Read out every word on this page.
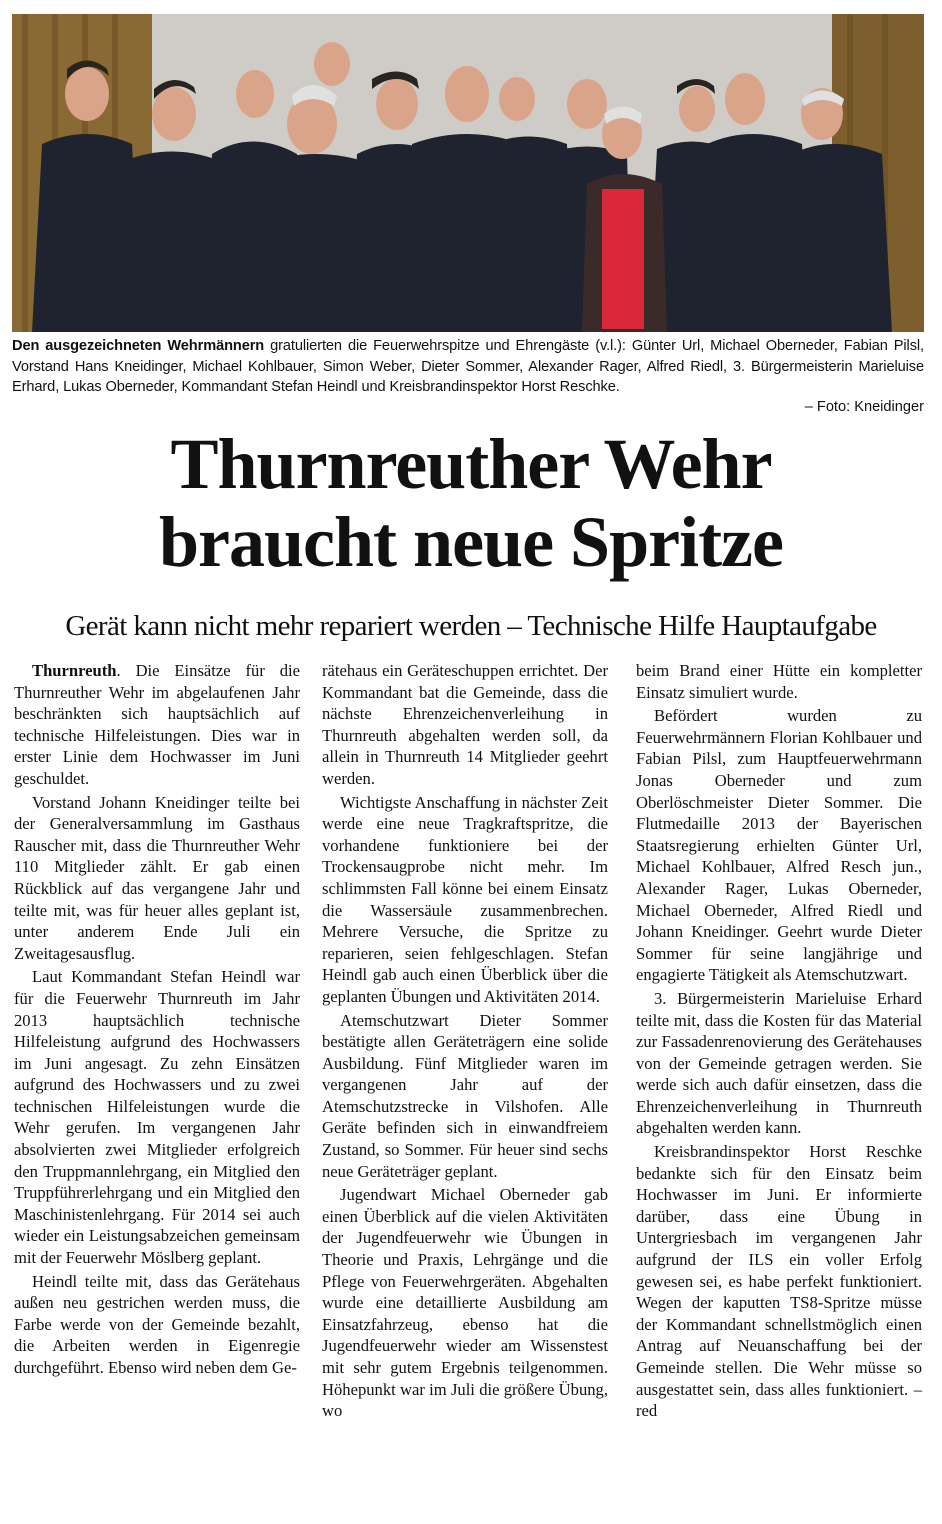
Den ausgezeichneten Wehrmännern gratulierten die Feuerwehrspitze und Ehrengäste (v.l.): Günter Url, Michael Oberneder, Fabian Pilsl, Vorstand Hans Kneidinger, Michael Kohlbauer, Simon Weber, Dieter Sommer, Alexander Rager, Alfred Riedl, 3. Bürgermeisterin Marieluise Erhard, Lukas Oberneder, Kommandant Stefan Heindl und Kreisbrandinspektor Horst Reschke.
– Foto: Kneidinger
Thurnreuther Wehr
braucht neue Spritze
Gerät kann nicht mehr repariert werden – Technische Hilfe Hauptaufgabe

Thurnreuth. Die Einsätze für die Thurnreuther Wehr im abgelaufenen Jahr beschränkten sich hauptsächlich auf technische Hilfeleistungen. Dies war in erster Linie dem Hochwasser im Juni geschuldet.

Vorstand Johann Kneidinger teilte bei der Generalversammlung im Gasthaus Rauscher mit, dass die Thurnreuther Wehr 110 Mitglieder zählt. Er gab einen Rückblick auf das vergangene Jahr und teilte mit, was für heuer alles geplant ist, unter anderem Ende Juli ein Zweitagesausflug.

Laut Kommandant Stefan Heindl war für die Feuerwehr Thurnreuth im Jahr 2013 hauptsächlich technische Hilfeleistung aufgrund des Hochwassers im Juni angesagt. Zu zehn Einsätzen aufgrund des Hochwassers und zu zwei technischen Hilfeleistungen wurde die Wehr gerufen. Im vergangenen Jahr absolvierten zwei Mitglieder erfolgreich den Truppmannlehrgang, ein Mitglied den Truppführerlehrgang und ein Mitglied den Maschinistenlehrgang. Für 2014 sei auch wieder ein Leistungsabzeichen gemeinsam mit der Feuerwehr Möslberg geplant.

Heindl teilte mit, dass das Gerätehaus außen neu gestrichen werden muss, die Farbe werde von der Gemeinde bezahlt, die Arbeiten werden in Eigenregie durchgeführt. Ebenso wird neben dem Ge-

rätehaus ein Geräteschuppen errichtet. Der Kommandant bat die Gemeinde, dass die nächste Ehrenzeichenverleihung in Thurnreuth abgehalten werden soll, da allein in Thurnreuth 14 Mitglieder geehrt werden.

Wichtigste Anschaffung in nächster Zeit werde eine neue Tragkraftspritze, die vorhandene funktioniere bei der Trockensaugprobe nicht mehr. Im schlimmsten Fall könne bei einem Einsatz die Wassersäule zusammenbrechen. Mehrere Versuche, die Spritze zu reparieren, seien fehlgeschlagen. Stefan Heindl gab auch einen Überblick über die geplanten Übungen und Aktivitäten 2014.

Atemschutzwart Dieter Sommer bestätigte allen Geräteträgern eine solide Ausbildung. Fünf Mitglieder waren im vergangenen Jahr auf der Atemschutzstrecke in Vilshofen. Alle Geräte befinden sich in einwandfreiem Zustand, so Sommer. Für heuer sind sechs neue Geräteträger geplant.

Jugendwart Michael Oberneder gab einen Überblick auf die vielen Aktivitäten der Jugendfeuerwehr wie Übungen in Theorie und Praxis, Lehrgänge und die Pflege von Feuerwehrgeräten. Abgehalten wurde eine detaillierte Ausbildung am Einsatzfahrzeug, ebenso hat die Jugendfeuerwehr wieder am Wissenstest mit sehr gutem Ergebnis teilgenommen. Höhepunkt war im Juli die größere Übung, wo

beim Brand einer Hütte ein kompletter Einsatz simuliert wurde.

Befördert wurden zu Feuerwehrmännern Florian Kohlbauer und Fabian Pilsl, zum Hauptfeuerwehrmann Jonas Oberneder und zum Oberlöschmeister Dieter Sommer. Die Flutmedaille 2013 der Bayerischen Staatsregierung erhielten Günter Url, Michael Kohlbauer, Alfred Resch jun., Alexander Rager, Lukas Oberneder, Michael Oberneder, Alfred Riedl und Johann Kneidinger. Geehrt wurde Dieter Sommer für seine langjährige und engagierte Tätigkeit als Atemschutzwart.

3. Bürgermeisterin Marieluise Erhard teilte mit, dass die Kosten für das Material zur Fassadenrenovierung des Gerätehauses von der Gemeinde getragen werden. Sie werde sich auch dafür einsetzen, dass die Ehrenzeichenverleihung in Thurnreuth abgehalten werden kann.

Kreisbrandinspektor Horst Reschke bedankte sich für den Einsatz beim Hochwasser im Juni. Er informierte darüber, dass eine Übung in Untergriesbach im vergangenen Jahr aufgrund der ILS ein voller Erfolg gewesen sei, es habe perfekt funktioniert. Wegen der kaputten TS8-Spritze müsse der Kommandant schnellstmöglich einen Antrag auf Neuanschaffung bei der Gemeinde stellen. Die Wehr müsse so ausgestattet sein, dass alles funktioniert. – red
